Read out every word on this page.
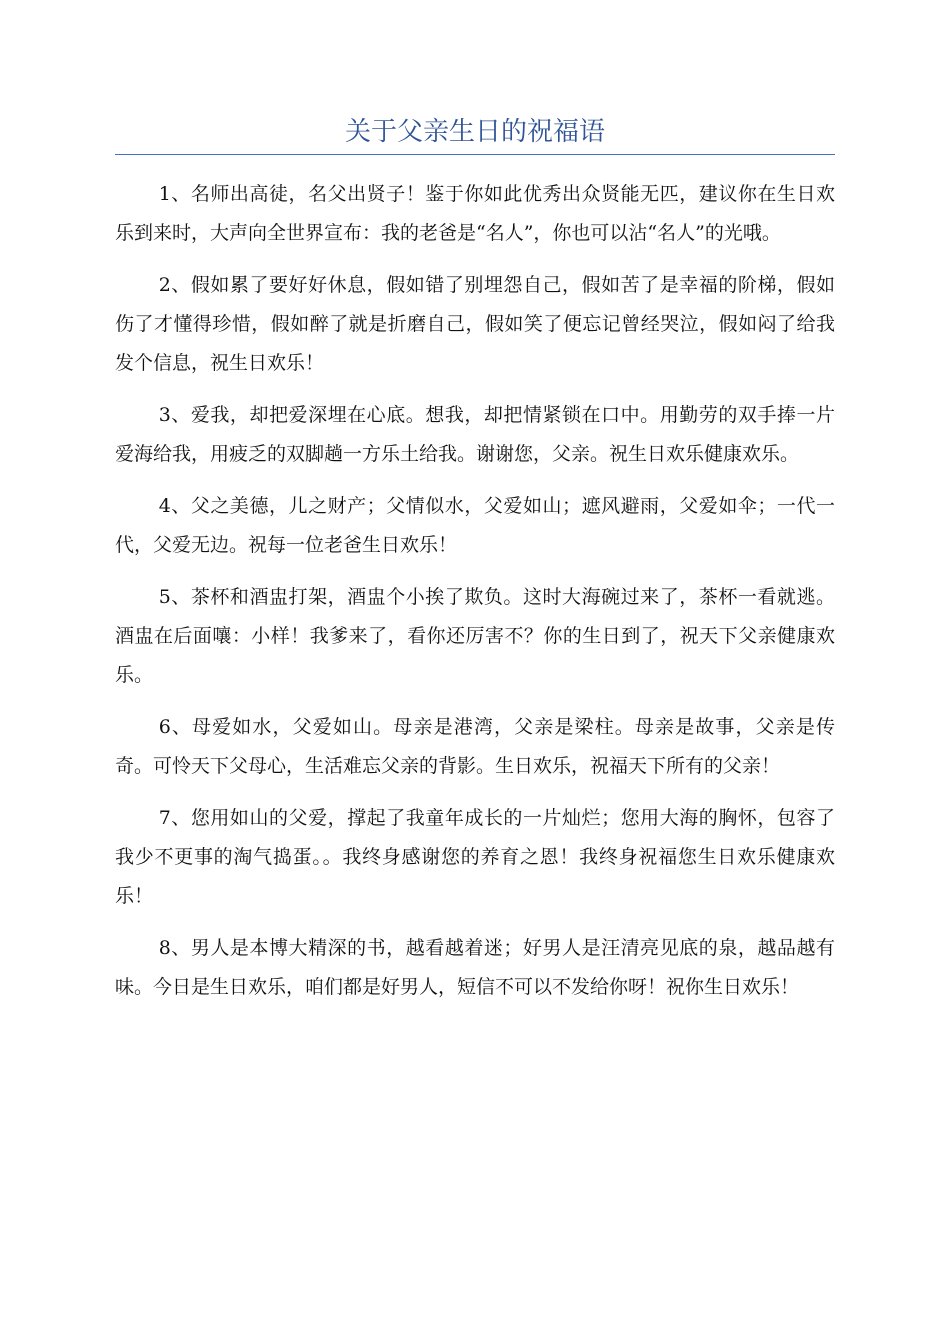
关于父亲生日的祝福语

1、名师出高徒，名父出贤子！鉴于你如此优秀出众贤能无匹，建议你在生日欢乐到来时，大声向全世界宣布：我的老爸是“名人”，你也可以沾“名人”的光哦。

2、假如累了要好好休息，假如错了别埋怨自己，假如苦了是幸福的阶梯，假如伤了才懂得珍惜，假如醉了就是折磨自己，假如笑了便忘记曾经哭泣，假如闷了给我发个信息，祝生日欢乐！

3、爱我，却把爱深埋在心底。想我，却把情紧锁在口中。用勤劳的双手捧一片爱海给我，用疲乏的双脚趟一方乐土给我。谢谢您，父亲。祝生日欢乐健康欢乐。

4、父之美德，儿之财产；父情似水，父爱如山；遮风避雨，父爱如伞；一代一代，父爱无边。祝每一位老爸生日欢乐！

5、茶杯和酒盅打架，酒盅个小挨了欺负。这时大海碗过来了，茶杯一看就逃。酒盅在后面嚷：小样！我爹来了，看你还厉害不？你的生日到了，祝天下父亲健康欢乐。

6、母爱如水，父爱如山。母亲是港湾，父亲是梁柱。母亲是故事，父亲是传奇。可怜天下父母心，生活难忘父亲的背影。生日欢乐，祝福天下所有的父亲！

7、您用如山的父爱，撑起了我童年成长的一片灿烂；您用大海的胸怀，包容了我少不更事的淘气捣蛋。。我终身感谢您的养育之恩！我终身祝福您生日欢乐健康欢乐！

8、男人是本博大精深的书，越看越着迷；好男人是汪清亮见底的泉，越品越有味。今日是生日欢乐，咱们都是好男人，短信不可以不发给你呀！祝你生日欢乐！
